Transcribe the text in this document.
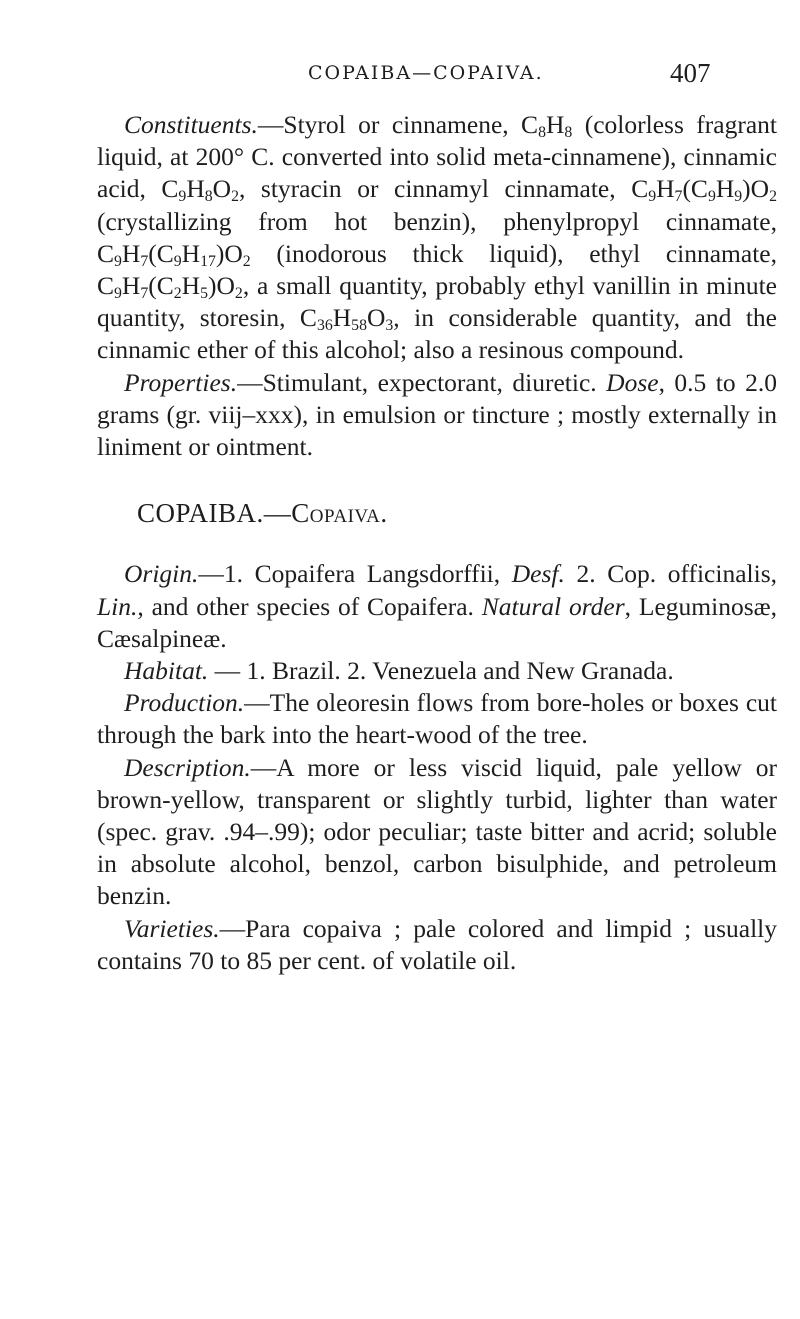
COPAIBA—COPAIVA.	407

Constituents.—Styrol or cinnamene, $C_8H_8$ (colorless fragrant liquid, at 200° C. converted into solid meta-cinnamene), cinnamic acid, $C_9H_8O_2$, styracin or cinnamyl cinnamate, $C_9H_7(C_9H_9)O_2$ (crystallizing from hot benzin), phenylpropyl cinnamate, $C_9H_7(C_9H_{17})O_2$ (inodorous thick liquid), ethyl cinnamate, $C_9H_7(C_2H_5)O_2$, a small quantity, probably ethyl vanillin in minute quantity, storesin, $C_{36}H_{58}O_3$, in considerable quantity, and the cinnamic ether of this alcohol; also a resinous compound.

Properties.—Stimulant, expectorant, diuretic. Dose, 0.5 to 2.0 grams (gr. viij–xxx), in emulsion or tincture ; mostly externally in liniment or ointment.

COPAIBA.—Copaiva.

Origin.—1. Copaifera Langsdorffii, Desf. 2. Cop. officinalis, Lin., and other species of Copaifera. Natural order, Leguminosæ, Cæsalpineæ.

Habitat. — 1. Brazil. 2. Venezuela and New Granada.

Production.—The oleoresin flows from bore-holes or boxes cut through the bark into the heart-wood of the tree.

Description.—A more or less viscid liquid, pale yellow or brown-yellow, transparent or slightly turbid, lighter than water (spec. grav. .94–.99); odor peculiar; taste bitter and acrid; soluble in absolute alcohol, benzol, carbon bisulphide, and petroleum benzin.

Varieties.—Para copaiva ; pale colored and limpid ; usually contains 70 to 85 per cent. of volatile oil.
